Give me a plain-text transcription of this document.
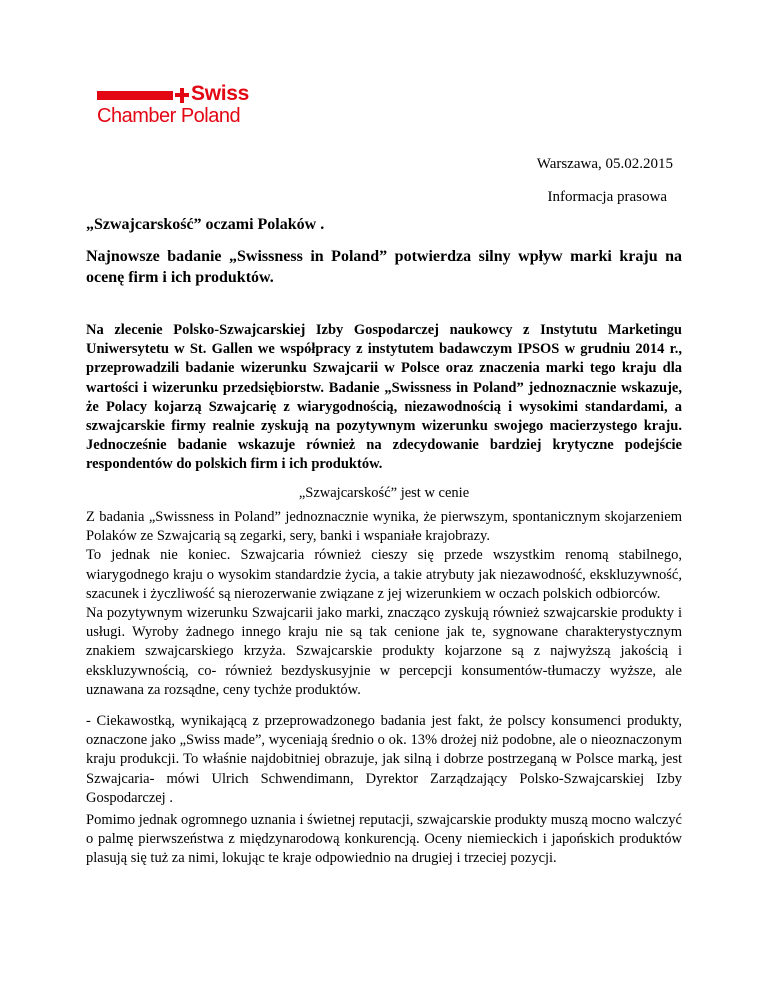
Swiss
Chamber Poland
Warszawa, 05.02.2015
Informacja prasowa
„Szwajcarskość” oczami Polaków .
Najnowsze badanie „Swissness in Poland” potwierdza silny wpływ marki kraju na ocenę firm i ich produktów.
Na zlecenie Polsko-Szwajcarskiej Izby Gospodarczej naukowcy z Instytutu Marketingu Uniwersytetu w St. Gallen we współpracy z instytutem badawczym IPSOS w grudniu 2014 r., przeprowadzili badanie wizerunku Szwajcarii w Polsce oraz znaczenia marki tego kraju dla wartości i wizerunku przedsiębiorstw. Badanie „Swissness in Poland” jednoznacznie wskazuje, że Polacy kojarzą Szwajcarię z wiarygodnością, niezawodnością i wysokimi standardami, a szwajcarskie firmy realnie zyskują na pozytywnym wizerunku swojego macierzystego kraju. Jednocześnie badanie wskazuje również na zdecydowanie bardziej krytyczne podejście respondentów do polskich firm i ich produktów.
„Szwajcarskość” jest w cenie

Z badania „Swissness in Poland” jednoznacznie wynika, że pierwszym, spontanicznym skojarzeniem Polaków ze Szwajcarią są zegarki, sery, banki i wspaniałe krajobrazy.

To jednak nie koniec. Szwajcaria również cieszy się przede wszystkim renomą stabilnego, wiarygodnego kraju o wysokim standardzie życia, a takie atrybuty jak niezawodność, ekskluzywność, szacunek i życzliwość są nierozerwanie związane z jej wizerunkiem w oczach polskich odbiorców.

Na pozytywnym wizerunku Szwajcarii jako marki, znacząco zyskują również szwajcarskie produkty i usługi. Wyroby żadnego innego kraju nie są tak cenione jak te, sygnowane charakterystycznym znakiem szwajcarskiego krzyża. Szwajcarskie produkty kojarzone są z najwyższą jakością i ekskluzywnością, co- również bezdyskusyjnie w percepcji konsumentów-tłumaczy wyższe, ale uznawana za rozsądne, ceny tychże produktów.

- Ciekawostką, wynikającą z przeprowadzonego badania jest fakt, że polscy konsumenci produkty, oznaczone jako „Swiss made”, wyceniają średnio o ok. 13% drożej niż podobne, ale o nieoznaczonym kraju produkcji. To właśnie najdobitniej obrazuje, jak silną i dobrze postrzeganą w Polsce marką, jest Szwajcaria- mówi Ulrich Schwendimann, Dyrektor Zarządzający Polsko-Szwajcarskiej Izby Gospodarczej .
Pomimo jednak ogromnego uznania i świetnej reputacji, szwajcarskie produkty muszą mocno walczyć o palmę pierwszeństwa z międzynarodową konkurencją. Oceny niemieckich i japońskich produktów plasują się tuż za nimi, lokując te kraje odpowiednio na drugiej i trzeciej pozycji.
